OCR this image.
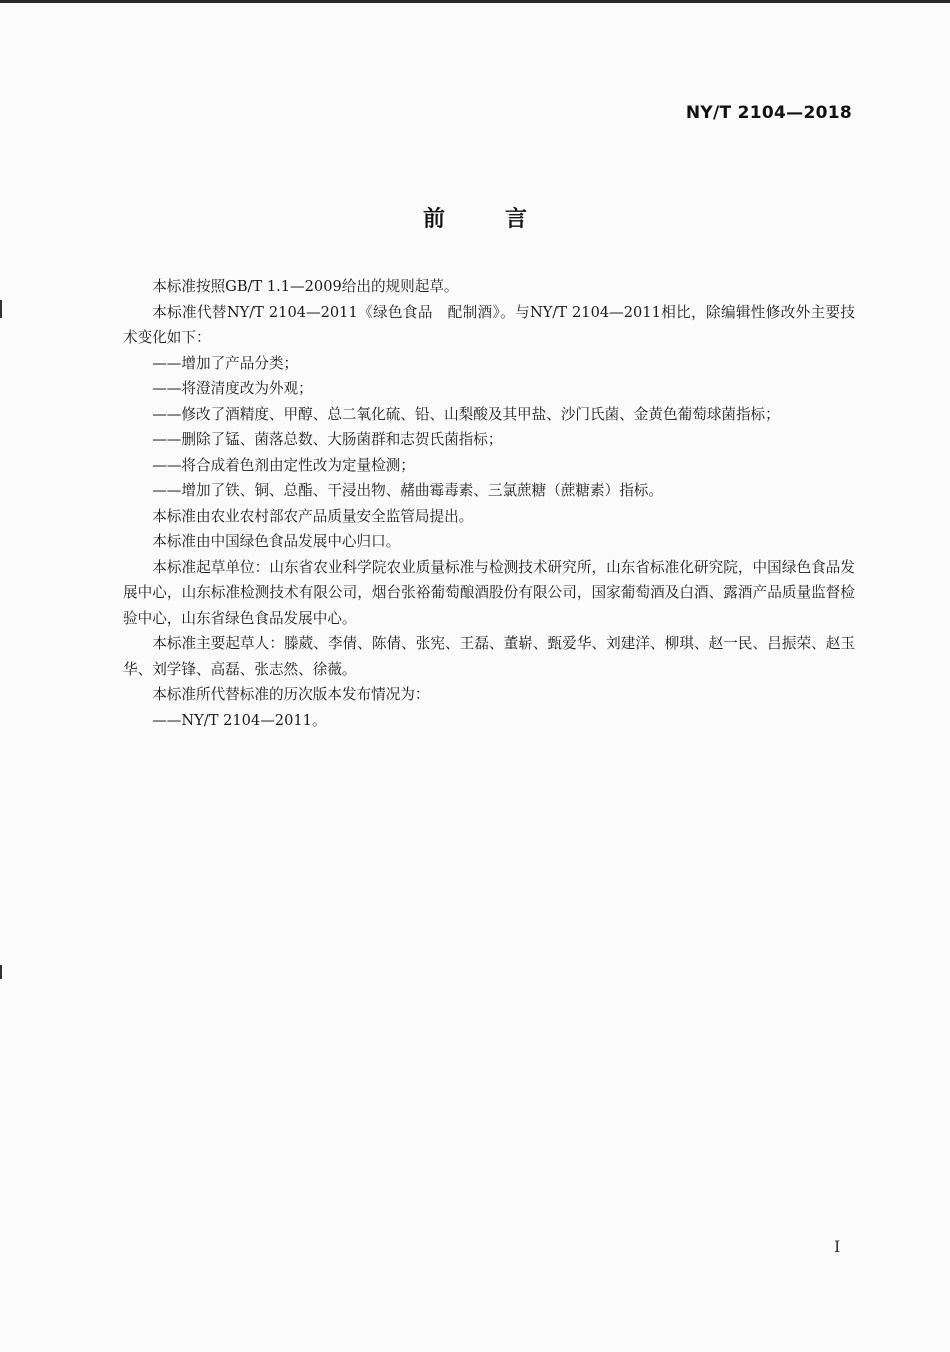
NY/T 2104—2018
前言

本标准按照GB/T 1.1—2009给出的规则起草。

本标准代替NY/T 2104—2011《绿色食品　配制酒》。与NY/T 2104—2011相比，除编辑性修改外主要技术变化如下：

——增加了产品分类；

——将澄清度改为外观；

——修改了酒精度、甲醇、总二氧化硫、铅、山梨酸及其甲盐、沙门氏菌、金黄色葡萄球菌指标；

——删除了锰、菌落总数、大肠菌群和志贺氏菌指标；

——将合成着色剂由定性改为定量检测；

——增加了铁、铜、总酯、干浸出物、赭曲霉毒素、三氯蔗糖（蔗糖素）指标。

本标准由农业农村部农产品质量安全监管局提出。

本标准由中国绿色食品发展中心归口。

本标准起草单位：山东省农业科学院农业质量标准与检测技术研究所，山东省标准化研究院，中国绿色食品发展中心，山东标准检测技术有限公司，烟台张裕葡萄酿酒股份有限公司，国家葡萄酒及白酒、露酒产品质量监督检验中心，山东省绿色食品发展中心。

本标准主要起草人：滕葳、李倩、陈倩、张宪、王磊、董崭、甄爱华、刘建洋、柳琪、赵一民、吕振荣、赵玉华、刘学锋、高磊、张志然、徐薇。

本标准所代替标准的历次版本发布情况为：

——NY/T 2104—2011。

I
